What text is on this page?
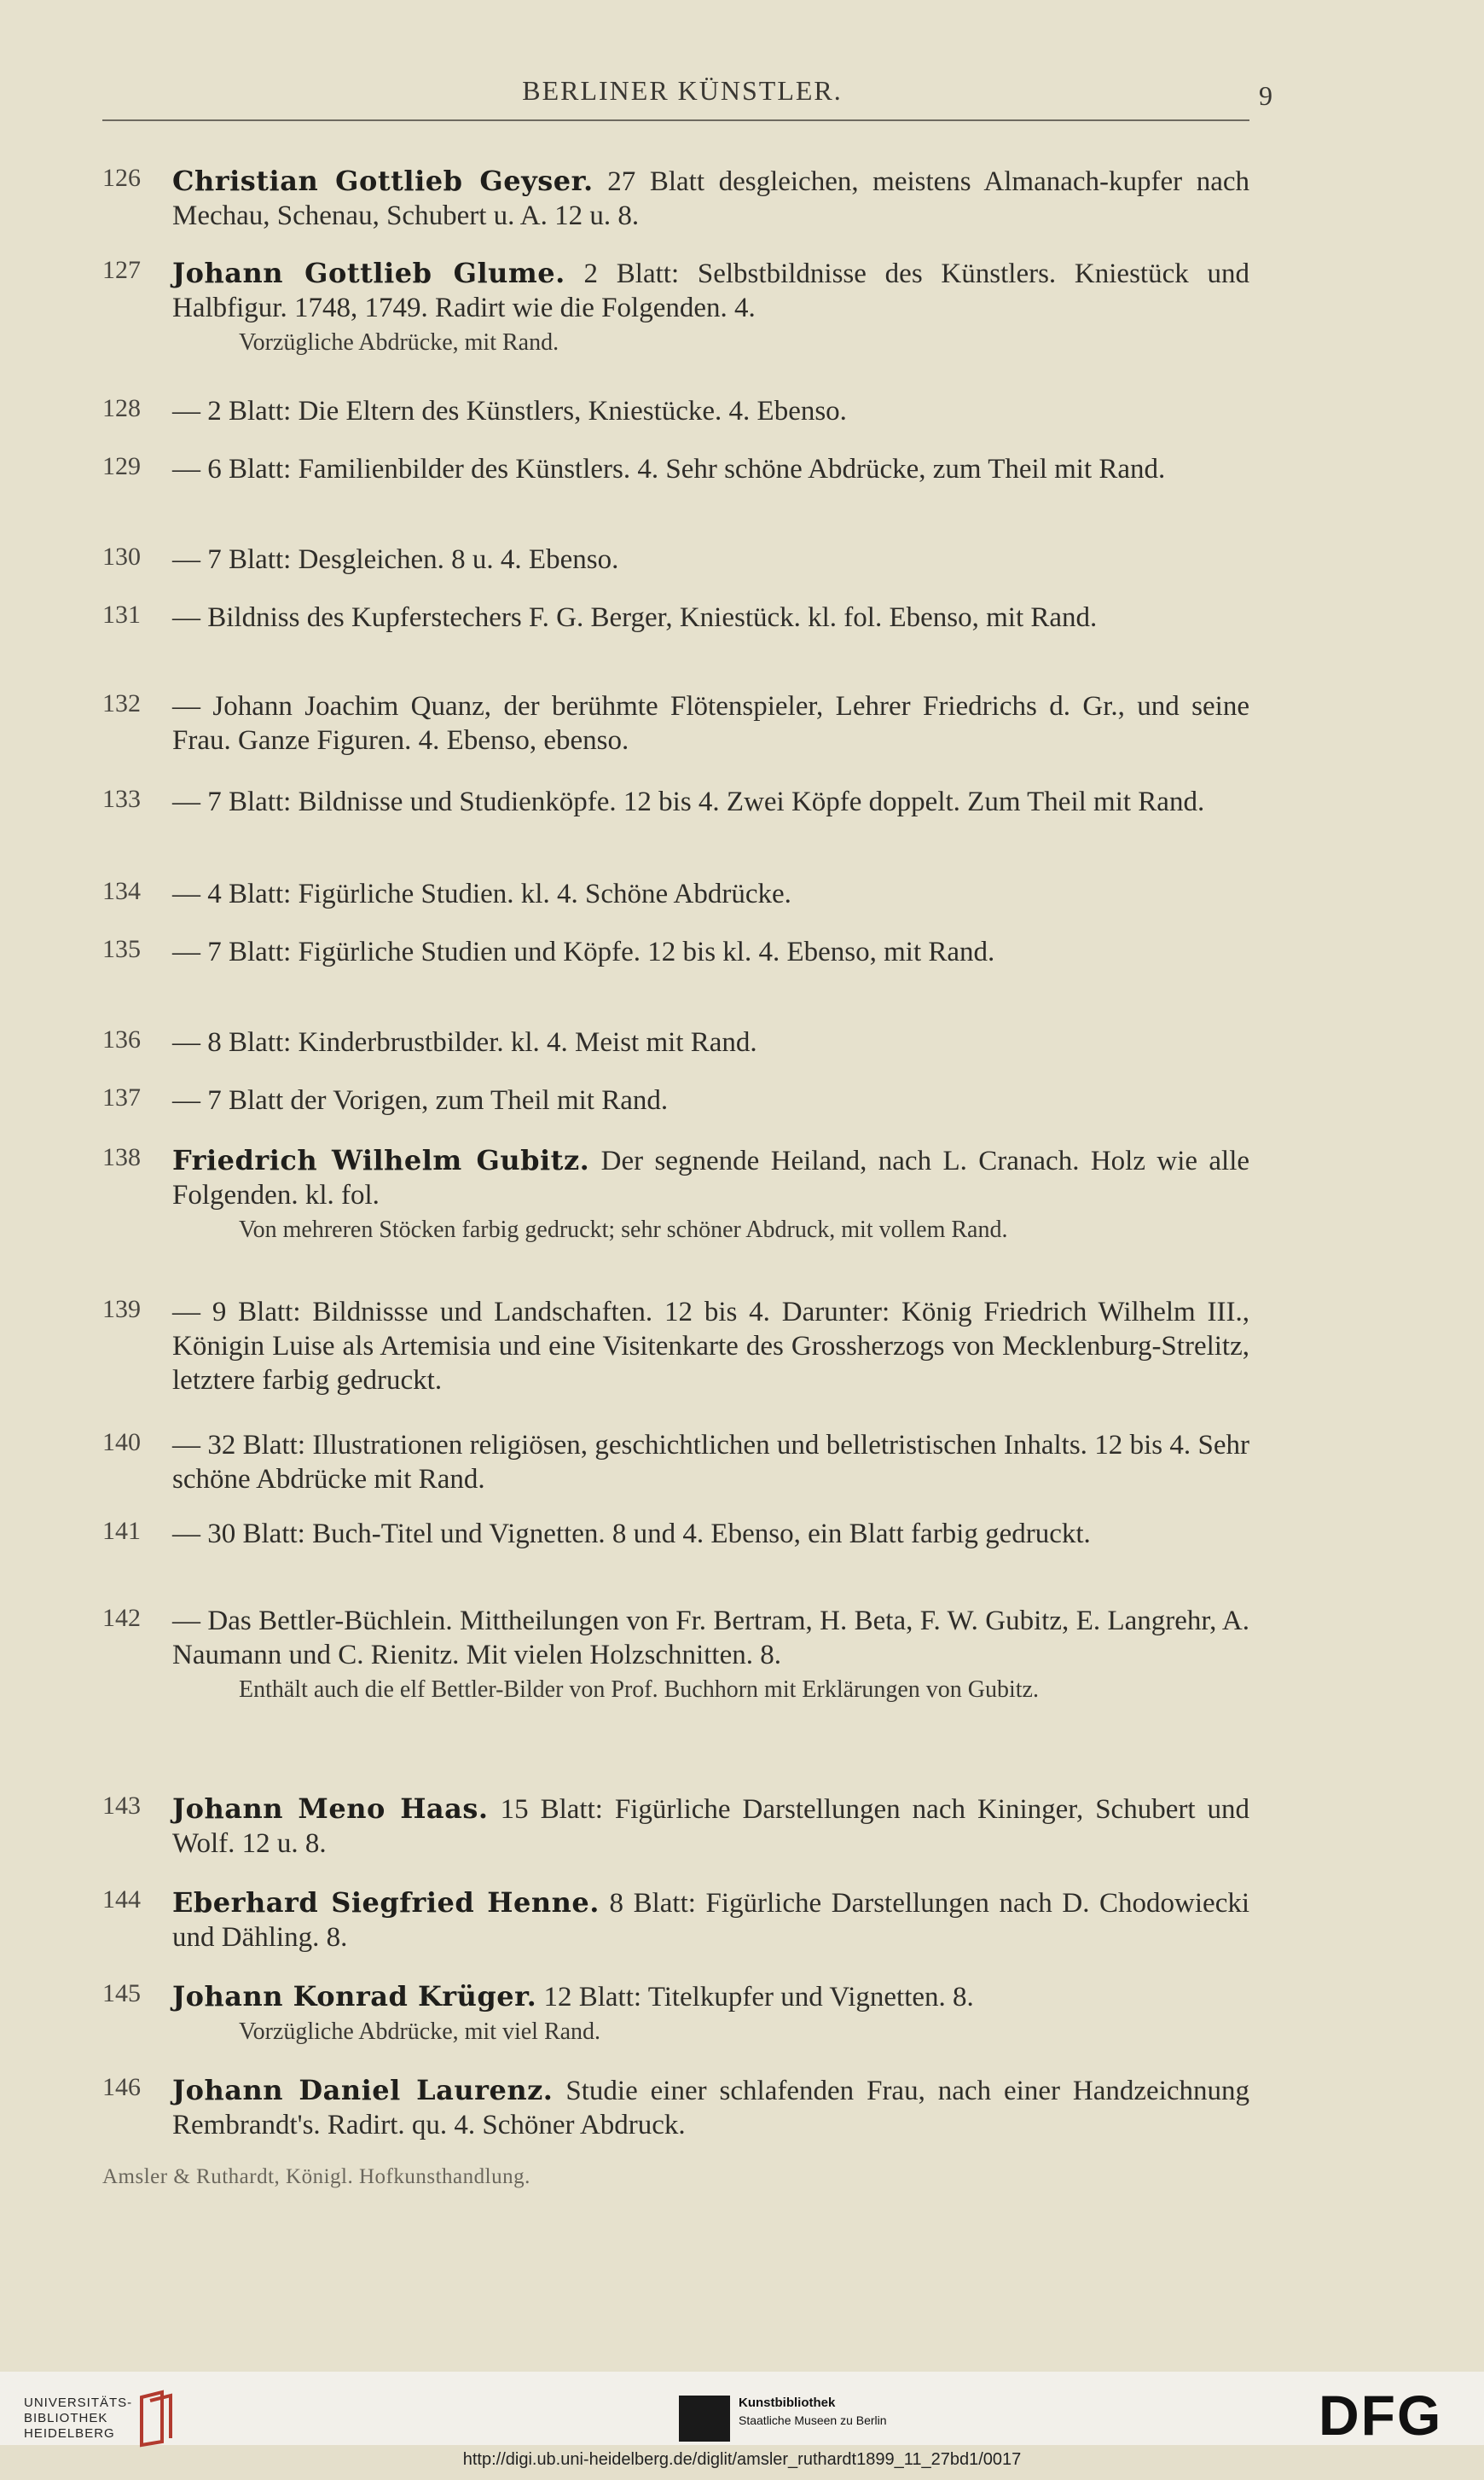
BERLINER KÜNSTLER.	9
126 Christian Gottlieb Geyser. 27 Blatt desgleichen, meistens Almanach-kupfer nach Mechau, Schenau, Schubert u. A. 12 u. 8.
127 Johann Gottlieb Glume. 2 Blatt: Selbstbildnisse des Künstlers. Kniestück und Halbfigur. 1748, 1749. Radirt wie die Folgenden. 4.
Vorzügliche Abdrücke, mit Rand.
128 — 2 Blatt: Die Eltern des Künstlers, Kniestücke. 4. Ebenso.
129 — 6 Blatt: Familienbilder des Künstlers. 4. Sehr schöne Abdrücke, zum Theil mit Rand.
130 — 7 Blatt: Desgleichen. 8 u. 4. Ebenso.
131 — Bildniss des Kupferstechers F. G. Berger, Kniestück. kl. fol. Ebenso, mit Rand.
132 — Johann Joachim Quanz, der berühmte Flötenspieler, Lehrer Friedrichs d. Gr., und seine Frau. Ganze Figuren. 4. Ebenso, ebenso.
133 — 7 Blatt: Bildnisse und Studienköpfe. 12 bis 4. Zwei Köpfe doppelt. Zum Theil mit Rand.
134 — 4 Blatt: Figürliche Studien. kl. 4. Schöne Abdrücke.
135 — 7 Blatt: Figürliche Studien und Köpfe. 12 bis kl. 4. Ebenso, mit Rand.
136 — 8 Blatt: Kinderbrustbilder. kl. 4. Meist mit Rand.
137 — 7 Blatt der Vorigen, zum Theil mit Rand.
138 Friedrich Wilhelm Gubitz. Der segnende Heiland, nach L. Cranach. Holz wie alle Folgenden. kl. fol.
Von mehreren Stöcken farbig gedruckt; sehr schöner Abdruck, mit vollem Rand.
139 — 9 Blatt: Bildnissse und Landschaften. 12 bis 4. Darunter: König Friedrich Wilhelm III., Königin Luise als Artemisia und eine Visitenkarte des Grossherzogs von Mecklenburg-Strelitz, letztere farbig gedruckt.
140 — 32 Blatt: Illustrationen religiösen, geschichtlichen und belletristischen Inhalts. 12 bis 4. Sehr schöne Abdrücke mit Rand.
141 — 30 Blatt: Buch-Titel und Vignetten. 8 und 4. Ebenso, ein Blatt farbig gedruckt.
142 — Das Bettler-Büchlein. Mittheilungen von Fr. Bertram, H. Beta, F. W. Gubitz, E. Langrehr, A. Naumann und C. Rienitz. Mit vielen Holzschnitten. 8.
Enthält auch die elf Bettler-Bilder von Prof. Buchhorn mit Erklärungen von Gubitz.
143 Johann Meno Haas. 15 Blatt: Figürliche Darstellungen nach Kininger, Schubert und Wolf. 12 u. 8.
144 Eberhard Siegfried Henne. 8 Blatt: Figürliche Darstellungen nach D. Chodowiecki und Dähling. 8.
145 Johann Konrad Krüger. 12 Blatt: Titelkupfer und Vignetten. 8.
Vorzügliche Abdrücke, mit viel Rand.
146 Johann Daniel Laurenz. Studie einer schlafenden Frau, nach einer Handzeichnung Rembrandt's. Radirt. qu. 4. Schöner Abdruck.
Amsler & Ruthardt, Königl. Hofkunsthandlung.
UNIVERSITÄTS-
BIBLIOTHEK
HEIDELBERG
Kunstbibliothek
Staatliche Museen zu Berlin	DFG
http://digi.ub.uni-heidelberg.de/diglit/amsler_ruthardt1899_11_27bd1/0017
